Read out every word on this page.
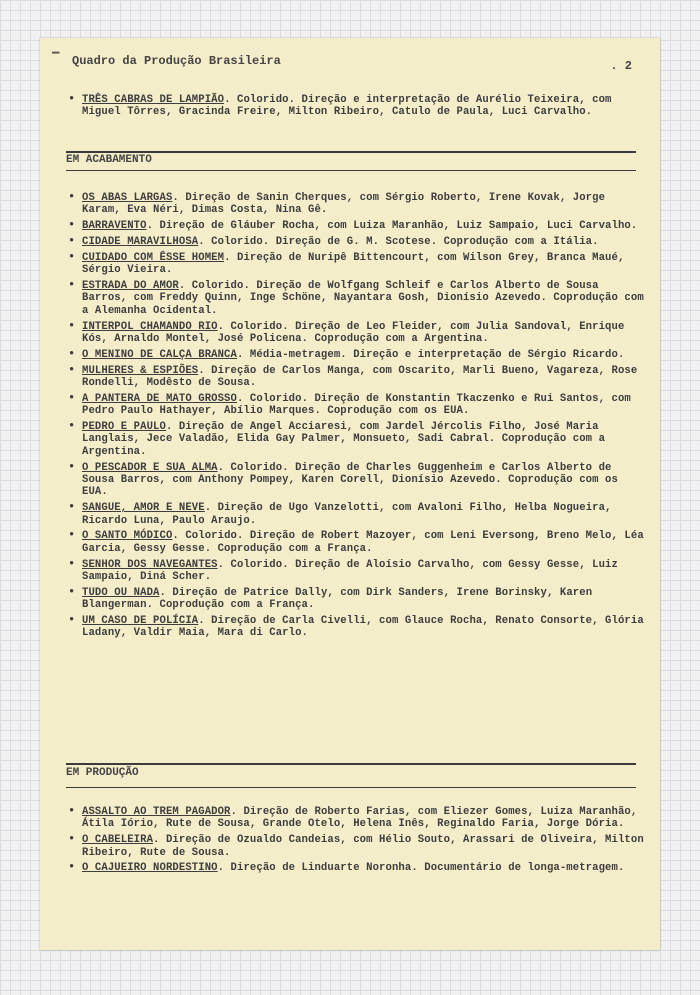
▔ Quadro da Produção Brasileira	. 2
• TRÊS CABRAS DE LAMPIÃO. Colorido. Direção e interpretação de Aurélio Teixeira, com Miguel Tôrres, Gracinda Freire, Milton Ribeiro, Catulo de Paula, Luci Carvalho.
EM ACABAMENTO
• OS ABAS LARGAS. Direção de Sanin Cherques, com Sérgio Roberto, Irene Kovak, Jorge Karam, Eva Néri, Dimas Costa, Nina Gê.
• BARRAVENTO. Direção de Gláuber Rocha, com Luiza Maranhão, Luiz Sampaio, Luci Carvalho.
• CIDADE MARAVILHOSA. Colorido. Direção de G. M. Scotese. Coprodução com a Itália.
• CUIDADO COM ÊSSE HOMEM. Direção de Nuripê Bittencourt, com Wilson Grey, Branca Maué, Sérgio Vieira.
• ESTRADA DO AMOR. Colorido. Direção de Wolfgang Schleif e Carlos Alberto de Sousa Barros, com Freddy Quinn, Inge Schöne, Nayantara Gosh, Dionísio Azevedo. Coprodução com a Alemanha Ocidental.
• INTERPOL CHAMANDO RIO. Colorido. Direção de Leo Fleider, com Julia Sandoval, Enrique Kós, Arnaldo Montel, José Policena. Coprodução com a Argentina.
• O MENINO DE CALÇA BRANCA. Média-metragem. Direção e interpretação de Sérgio Ricardo.
• MULHERES & ESPIÕES. Direção de Carlos Manga, com Oscarito, Marli Bueno, Vagareza, Rose Rondelli, Modêsto de Sousa.
• A PANTERA DE MATO GROSSO. Colorido. Direção de Konstantin Tkaczenko e Rui Santos, com Pedro Paulo Hathayer, Abílio Marques. Coprodução com os EUA.
• PEDRO E PAULO. Direção de Angel Acciaresi, com Jardel Jércolis Filho, José Maria Langlais, Jece Valadão, Elida Gay Palmer, Monsueto, Sadi Cabral. Coprodução com a Argentina.
• O PESCADOR E SUA ALMA. Colorido. Direção de Charles Guggenheim e Carlos Alberto de Sousa Barros, com Anthony Pompey, Karen Corell, Dionísio Azevedo. Coprodução com os EUA.
• SANGUE, AMOR E NEVE. Direção de Ugo Vanzelotti, com Avaloni Filho, Helba Nogueira, Ricardo Luna, Paulo Araujo.
• O SANTO MÓDICO. Colorido. Direção de Robert Mazoyer, com Leni Eversong, Breno Melo, Léa Garcia, Gessy Gesse. Coprodução com a França.
• SENHOR DOS NAVEGANTES. Colorido. Direção de Aloísio Carvalho, com Gessy Gesse, Luiz Sampaio, Diná Scher.
• TUDO OU NADA. Direção de Patrice Dally, com Dirk Sanders, Irene Borinsky, Karen Blangerman. Coprodução com a França.
• UM CASO DE POLÍCIA. Direção de Carla Civelli, com Glauce Rocha, Renato Consorte, Glória Ladany, Valdir Maia, Mara di Carlo.
EM PRODUÇÃO
• ASSALTO AO TREM PAGADOR. Direção de Roberto Farias, com Eliezer Gomes, Luiza Maranhão, Átila Iório, Rute de Sousa, Grande Otelo, Helena Inês, Reginaldo Faria, Jorge Dória.
• O CABELEIRA. Direção de Ozualdo Candeias, com Hélio Souto, Arassari de Oliveira, Milton Ribeiro, Rute de Sousa.
• O CAJUEIRO NORDESTINO. Direção de Linduarte Noronha. Documentário de longa-metragem.
